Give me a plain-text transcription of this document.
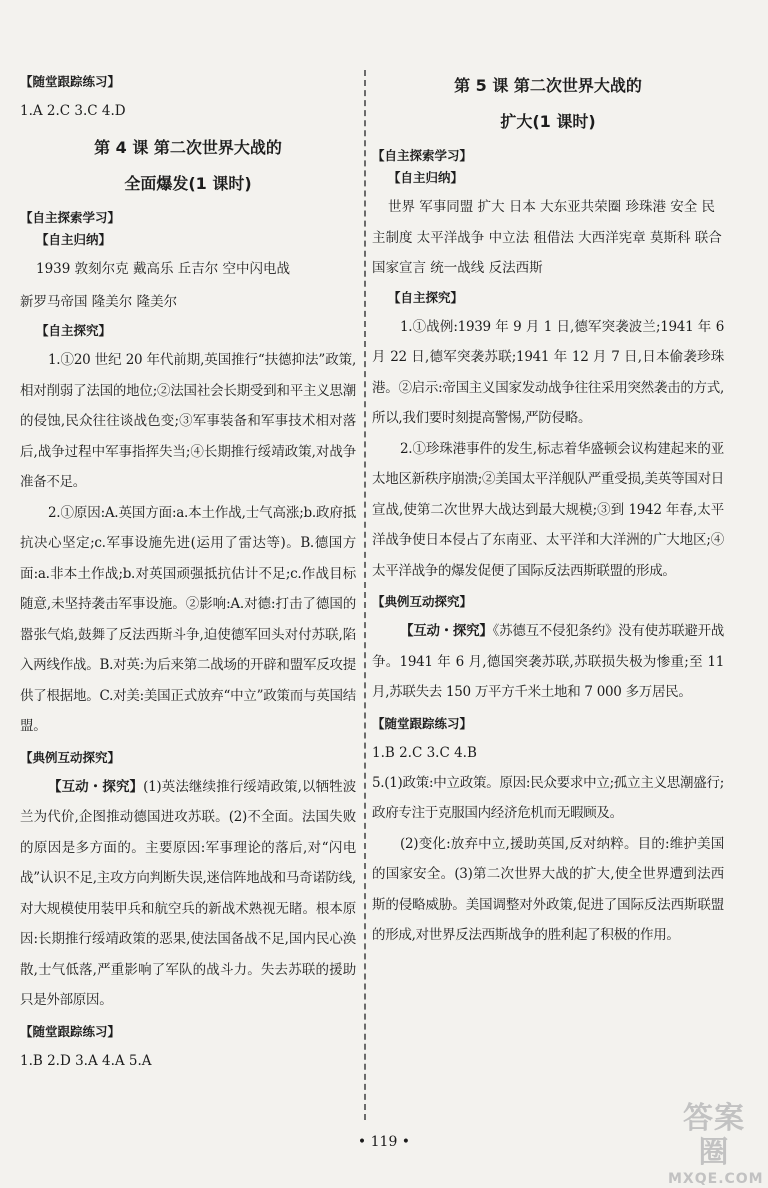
【随堂跟踪练习】

1.A 2.C 3.C 4.D

第 4 课 第二次世界大战的
全面爆发(1 课时)
【自主探索学习】
【自主归纳】

1939 敦刻尔克 戴高乐 丘吉尔 空中闪电战

新罗马帝国 隆美尔 隆美尔

【自主探究】

1.①20 世纪 20 年代前期,英国推行“扶德抑法”政策,相对削弱了法国的地位;②法国社会长期受到和平主义思潮的侵蚀,民众往往谈战色变;③军事装备和军事技术相对落后,战争过程中军事指挥失当;④长期推行绥靖政策,对战争准备不足。

2.①原因:A.英国方面:a.本土作战,士气高涨;b.政府抵抗决心坚定;c.军事设施先进(运用了雷达等)。B.德国方面:a.非本土作战;b.对英国顽强抵抗估计不足;c.作战目标随意,未坚持袭击军事设施。②影响:A.对德:打击了德国的嚣张气焰,鼓舞了反法西斯斗争,迫使德军回头对付苏联,陷入两线作战。B.对英:为后来第二战场的开辟和盟军反攻提供了根据地。C.对美:美国正式放弃“中立”政策而与英国结盟。

【典例互动探究】

【互动・探究】(1)英法继续推行绥靖政策,以牺牲波兰为代价,企图推动德国进攻苏联。(2)不全面。法国失败的原因是多方面的。主要原因:军事理论的落后,对“闪电战”认识不足,主攻方向判断失误,迷信阵地战和马奇诺防线,对大规模使用装甲兵和航空兵的新战术熟视无睹。根本原因:长期推行绥靖政策的恶果,使法国备战不足,国内民心涣散,士气低落,严重影响了军队的战斗力。失去苏联的援助只是外部原因。

【随堂跟踪练习】

1.B 2.D 3.A 4.A 5.A

第 5 课 第二次世界大战的
扩大(1 课时)
【自主探索学习】
【自主归纳】

世界 军事同盟 扩大 日本 大东亚共荣圈 珍珠港 安全 民主制度 太平洋战争 中立法 租借法 大西洋宪章 莫斯科 联合国家宣言 统一战线 反法西斯

【自主探究】

1.①战例:1939 年 9 月 1 日,德军突袭波兰;1941 年 6 月 22 日,德军突袭苏联;1941 年 12 月 7 日,日本偷袭珍珠港。②启示:帝国主义国家发动战争往往采用突然袭击的方式,所以,我们要时刻提高警惕,严防侵略。

2.①珍珠港事件的发生,标志着华盛顿会议构建起来的亚太地区新秩序崩溃;②美国太平洋舰队严重受损,美英等国对日宣战,使第二次世界大战达到最大规模;③到 1942 年春,太平洋战争使日本侵占了东南亚、太平洋和大洋洲的广大地区;④太平洋战争的爆发促便了国际反法西斯联盟的形成。

【典例互动探究】

【互动・探究】《苏德互不侵犯条约》没有使苏联避开战争。1941 年 6 月,德国突袭苏联,苏联损失极为惨重;至 11 月,苏联失去 150 万平方千米土地和 7 000 多万居民。

【随堂跟踪练习】

1.B 2.C 3.C 4.B

5.(1)政策:中立政策。原因:民众要求中立;孤立主义思潮盛行;政府专注于克服国内经济危机而无暇顾及。

(2)变化:放弃中立,援助英国,反对纳粹。目的:维护美国的国家安全。(3)第二次世界大战的扩大,使全世界遭到法西斯的侵略威胁。美国调整对外政策,促进了国际反法西斯联盟的形成,对世界反法西斯战争的胜利起了积极的作用。

• 119 •
答案圈
MXQE.COM
